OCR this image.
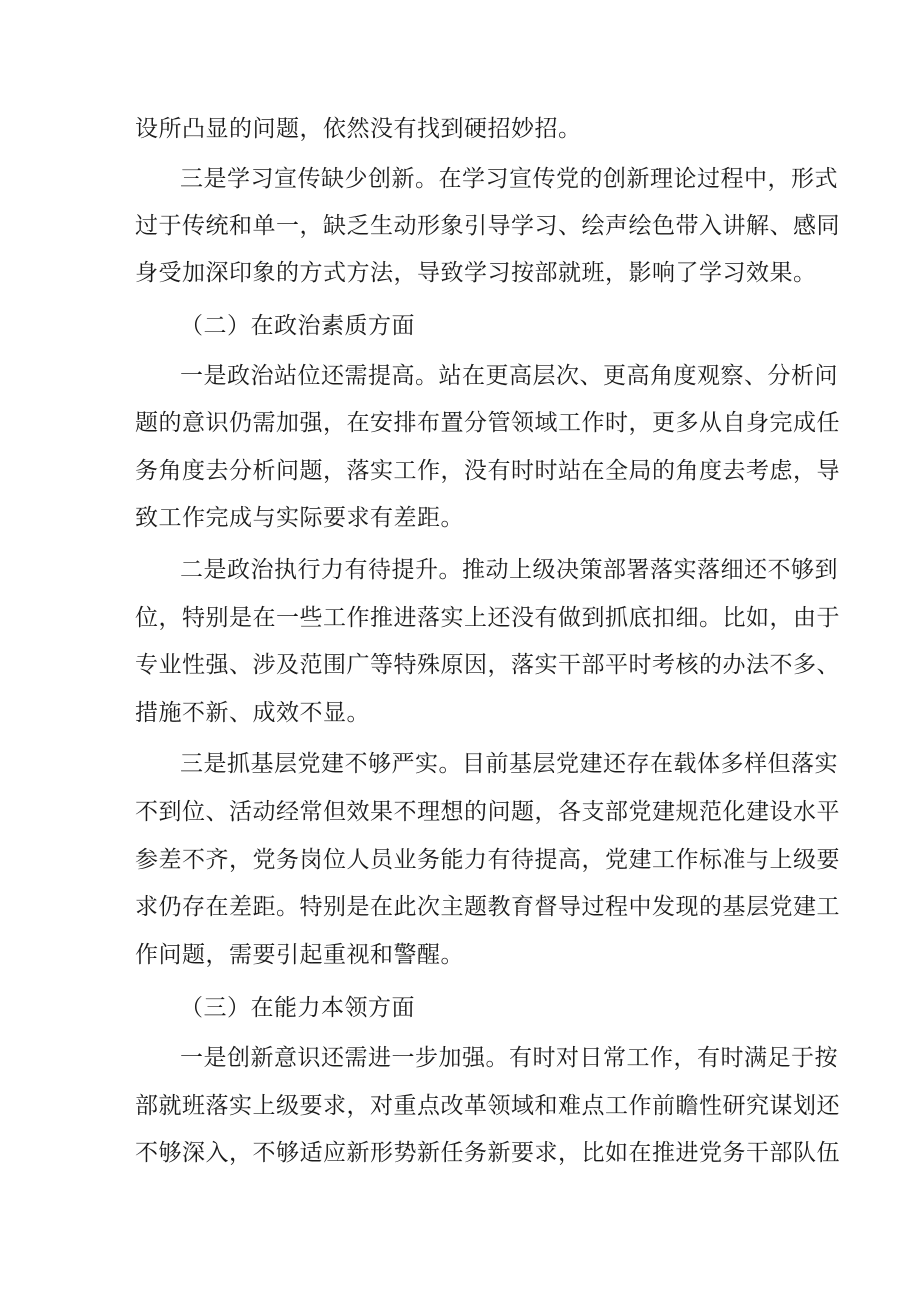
设所凸显的问题，依然没有找到硬招妙招。
三是学习宣传缺少创新。在学习宣传党的创新理论过程中，形式
过于传统和单一，缺乏生动形象引导学习、绘声绘色带入讲解、感同
身受加深印象的方式方法，导致学习按部就班，影响了学习效果。
（二）在政治素质方面
一是政治站位还需提高。站在更高层次、更高角度观察、分析问
题的意识仍需加强，在安排布置分管领域工作时，更多从自身完成任
务角度去分析问题，落实工作，没有时时站在全局的角度去考虑，导
致工作完成与实际要求有差距。
二是政治执行力有待提升。推动上级决策部署落实落细还不够到
位，特别是在一些工作推进落实上还没有做到抓底扣细。比如，由于
专业性强、涉及范围广等特殊原因，落实干部平时考核的办法不多、
措施不新、成效不显。
三是抓基层党建不够严实。目前基层党建还存在载体多样但落实
不到位、活动经常但效果不理想的问题，各支部党建规范化建设水平
参差不齐，党务岗位人员业务能力有待提高，党建工作标准与上级要
求仍存在差距。特别是在此次主题教育督导过程中发现的基层党建工
作问题，需要引起重视和警醒。
（三）在能力本领方面
一是创新意识还需进一步加强。有时对日常工作，有时满足于按
部就班落实上级要求，对重点改革领域和难点工作前瞻性研究谋划还
不够深入，不够适应新形势新任务新要求，比如在推进党务干部队伍
